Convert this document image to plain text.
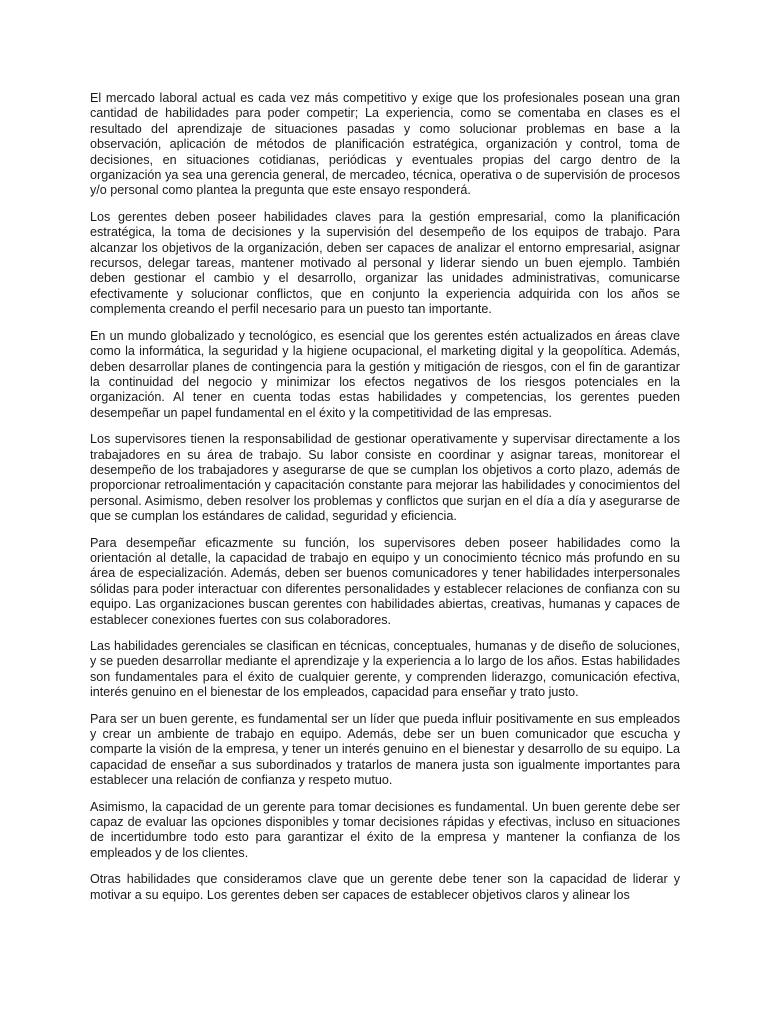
El mercado laboral actual es cada vez más competitivo y exige que los profesionales posean una gran cantidad de habilidades para poder competir; La experiencia, como se comentaba en clases es el resultado del aprendizaje de situaciones pasadas y como solucionar problemas en base a la observación, aplicación de métodos de planificación estratégica, organización y control, toma de decisiones, en situaciones cotidianas, periódicas y eventuales propias del cargo dentro de la organización ya sea una gerencia general, de mercadeo, técnica, operativa o de supervisión de procesos y/o personal como plantea la pregunta que este ensayo responderá.

Los gerentes deben poseer habilidades claves para la gestión empresarial, como la planificación estratégica, la toma de decisiones y la supervisión del desempeño de los equipos de trabajo. Para alcanzar los objetivos de la organización, deben ser capaces de analizar el entorno empresarial, asignar recursos, delegar tareas, mantener motivado al personal y liderar siendo un buen ejemplo. También deben gestionar el cambio y el desarrollo, organizar las unidades administrativas, comunicarse efectivamente y solucionar conflictos, que en conjunto la experiencia adquirida con los años se complementa creando el perfil necesario para un puesto tan importante.

En un mundo globalizado y tecnológico, es esencial que los gerentes estén actualizados en áreas clave como la informática, la seguridad y la higiene ocupacional, el marketing digital y la geopolítica. Además, deben desarrollar planes de contingencia para la gestión y mitigación de riesgos, con el fin de garantizar la continuidad del negocio y minimizar los efectos negativos de los riesgos potenciales en la organización. Al tener en cuenta todas estas habilidades y competencias, los gerentes pueden desempeñar un papel fundamental en el éxito y la competitividad de las empresas.

Los supervisores tienen la responsabilidad de gestionar operativamente y supervisar directamente a los trabajadores en su área de trabajo. Su labor consiste en coordinar y asignar tareas, monitorear el desempeño de los trabajadores y asegurarse de que se cumplan los objetivos a corto plazo, además de proporcionar retroalimentación y capacitación constante para mejorar las habilidades y conocimientos del personal. Asimismo, deben resolver los problemas y conflictos que surjan en el día a día y asegurarse de que se cumplan los estándares de calidad, seguridad y eficiencia.

Para desempeñar eficazmente su función, los supervisores deben poseer habilidades como la orientación al detalle, la capacidad de trabajo en equipo y un conocimiento técnico más profundo en su área de especialización. Además, deben ser buenos comunicadores y tener habilidades interpersonales sólidas para poder interactuar con diferentes personalidades y establecer relaciones de confianza con su equipo. Las organizaciones buscan gerentes con habilidades abiertas, creativas, humanas y capaces de establecer conexiones fuertes con sus colaboradores.

Las habilidades gerenciales se clasifican en técnicas, conceptuales, humanas y de diseño de soluciones, y se pueden desarrollar mediante el aprendizaje y la experiencia a lo largo de los años. Estas habilidades son fundamentales para el éxito de cualquier gerente, y comprenden liderazgo, comunicación efectiva, interés genuino en el bienestar de los empleados, capacidad para enseñar y trato justo.

Para ser un buen gerente, es fundamental ser un líder que pueda influir positivamente en sus empleados y crear un ambiente de trabajo en equipo. Además, debe ser un buen comunicador que escucha y comparte la visión de la empresa, y tener un interés genuino en el bienestar y desarrollo de su equipo. La capacidad de enseñar a sus subordinados y tratarlos de manera justa son igualmente importantes para establecer una relación de confianza y respeto mutuo.

Asimismo, la capacidad de un gerente para tomar decisiones es fundamental. Un buen gerente debe ser capaz de evaluar las opciones disponibles y tomar decisiones rápidas y efectivas, incluso en situaciones de incertidumbre todo esto para garantizar el éxito de la empresa y mantener la confianza de los empleados y de los clientes.

Otras habilidades que consideramos clave que un gerente debe tener son la capacidad de liderar y motivar a su equipo. Los gerentes deben ser capaces de establecer objetivos claros y alinear los
